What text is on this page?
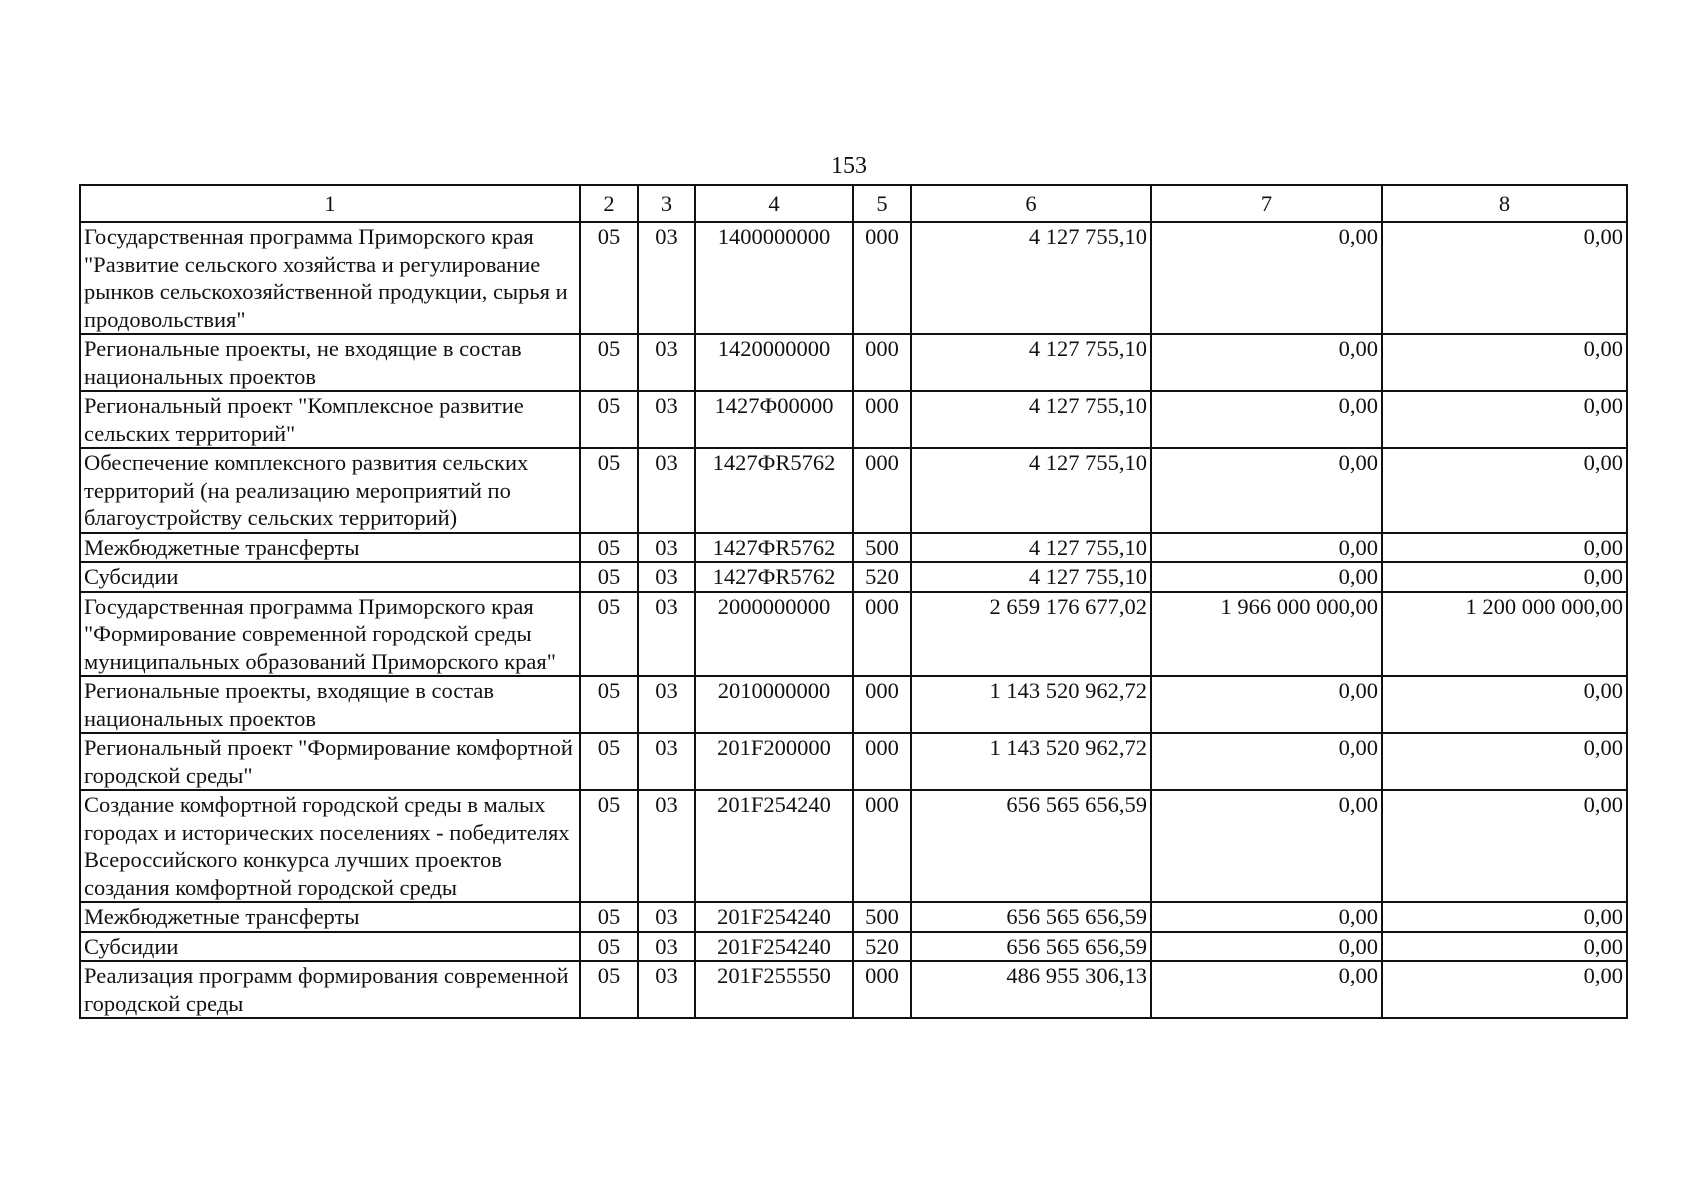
153
1	2	3	4	5	6	7	8
Государственная программа Приморского края "Развитие сельского хозяйства и регулирование рынков сельскохозяйственной продукции, сырья и продовольствия"	05	03	1400000000	000	4 127 755,10	0,00	0,00
Региональные проекты, не входящие в состав национальных проектов	05	03	1420000000	000	4 127 755,10	0,00	0,00
Региональный проект "Комплексное развитие сельских территорий"	05	03	1427Ф00000	000	4 127 755,10	0,00	0,00
Обеспечение комплексного развития сельских территорий (на реализацию мероприятий по благоустройству сельских территорий)	05	03	1427ФR5762	000	4 127 755,10	0,00	0,00
Межбюджетные трансферты	05	03	1427ФR5762	500	4 127 755,10	0,00	0,00
Субсидии	05	03	1427ФR5762	520	4 127 755,10	0,00	0,00
Государственная программа Приморского края "Формирование современной городской среды муниципальных образований Приморского края"	05	03	2000000000	000	2 659 176 677,02	1 966 000 000,00	1 200 000 000,00
Региональные проекты, входящие в состав национальных проектов	05	03	2010000000	000	1 143 520 962,72	0,00	0,00
Региональный проект "Формирование комфортной городской среды"	05	03	201F200000	000	1 143 520 962,72	0,00	0,00
Создание комфортной городской среды в малых городах и исторических поселениях - победителях Всероссийского конкурса лучших проектов создания комфортной городской среды	05	03	201F254240	000	656 565 656,59	0,00	0,00
Межбюджетные трансферты	05	03	201F254240	500	656 565 656,59	0,00	0,00
Субсидии	05	03	201F254240	520	656 565 656,59	0,00	0,00
Реализация программ формирования современной городской среды	05	03	201F255550	000	486 955 306,13	0,00	0,00
